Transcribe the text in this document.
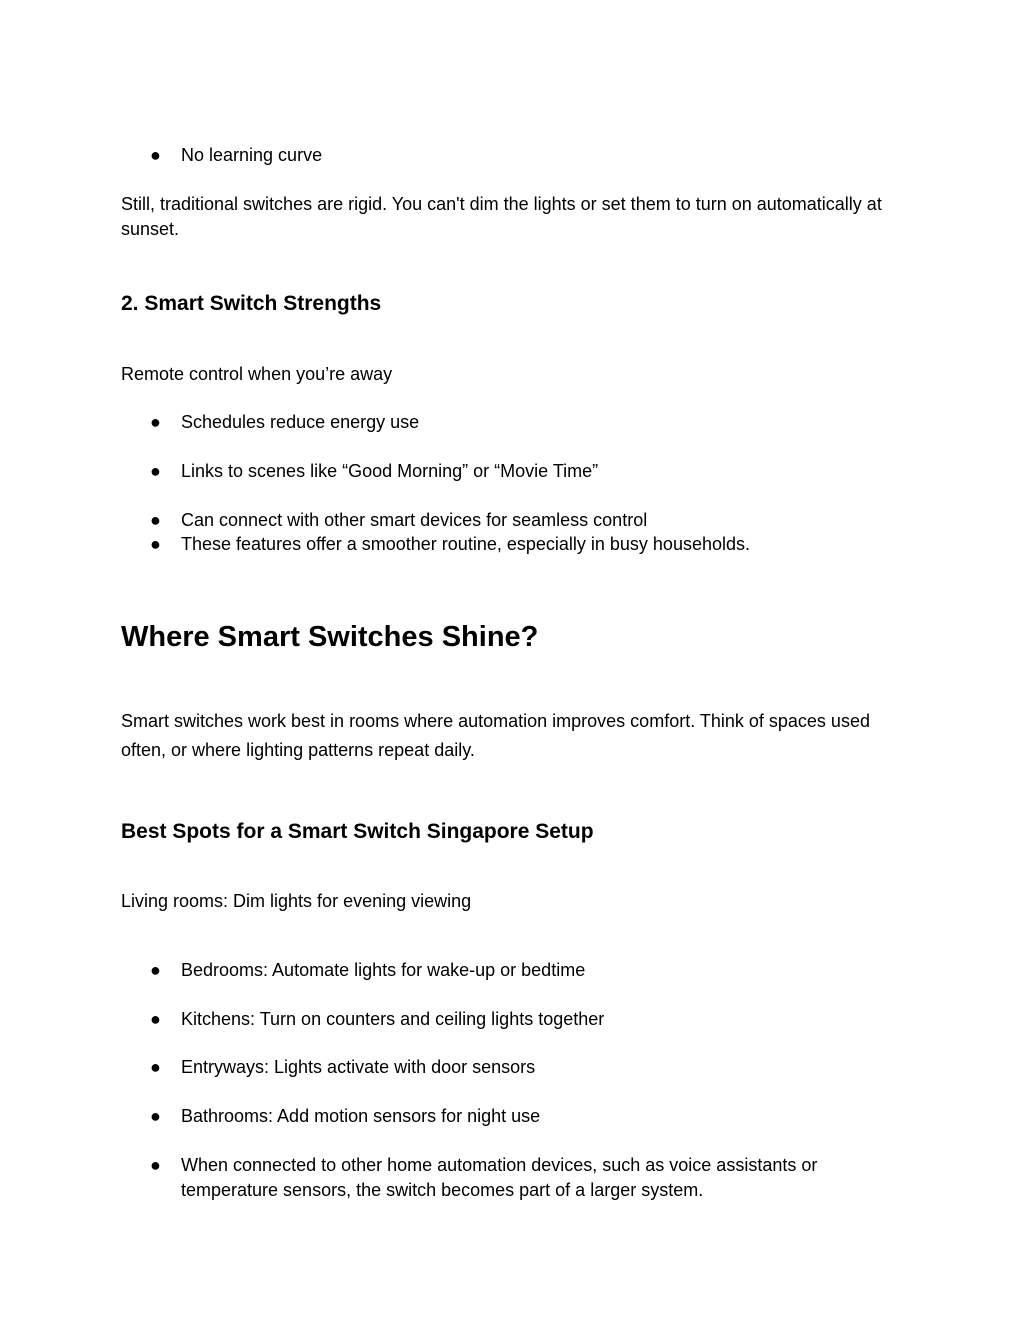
● No learning curve

Still, traditional switches are rigid. You can't dim the lights or set them to turn on automatically at sunset.

2. Smart Switch Strengths

Remote control when you’re away

● Schedules reduce energy use
● Links to scenes like “Good Morning” or “Movie Time”
● Can connect with other smart devices for seamless control
● These features offer a smoother routine, especially in busy households.
Where Smart Switches Shine?

Smart switches work best in rooms where automation improves comfort. Think of spaces used often, or where lighting patterns repeat daily.

Best Spots for a Smart Switch Singapore Setup

Living rooms: Dim lights for evening viewing

● Bedrooms: Automate lights for wake-up or bedtime
● Kitchens: Turn on counters and ceiling lights together
● Entryways: Lights activate with door sensors
● Bathrooms: Add motion sensors for night use
● When connected to other home automation devices, such as voice assistants or temperature sensors, the switch becomes part of a larger system.
